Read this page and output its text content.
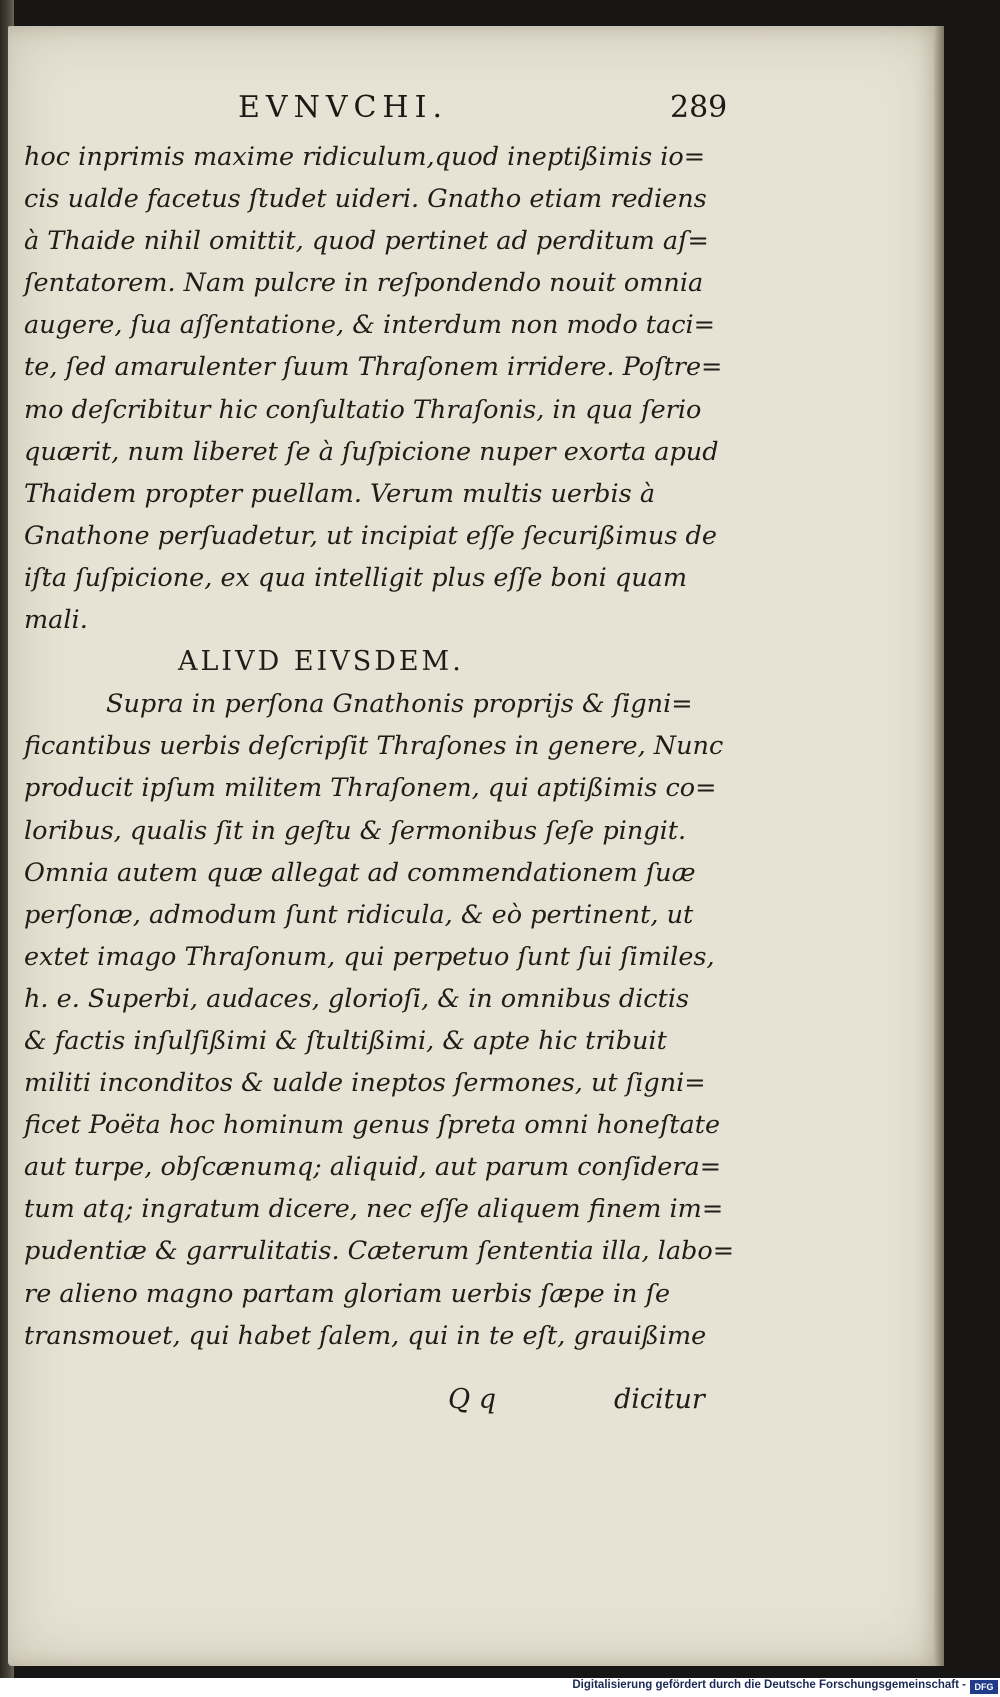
EVNVCHI.	289
hoc inprimis maxime ridiculum,quod ineptißimis io=
cis ualde facetus ſtudet uideri. Gnatho etiam rediens
à Thaide nihil omittit, quod pertinet ad perditum aſ=
ſentatorem. Nam pulcre in reſpondendo nouit omnia
augere, ſua aſſentatione, & interdum non modo taci=
te, ſed amarulenter ſuum Thraſonem irridere. Poſtre=
mo deſcribitur hic conſultatio Thraſonis, in qua ſerio
quærit, num liberet ſe à ſuſpicione nuper exorta apud
Thaidem propter puellam. Verum multis uerbis à
Gnathone perſuadetur, ut incipiat eſſe ſecurißimus de
iſta ſuſpicione, ex qua intelligit plus eſſe boni quam
mali.
ALIVD EIVSDEM.
Supra in perſona Gnathonis proprijs & ſigni=
ficantibus uerbis deſcripſit Thraſones in genere, Nunc
producit ipſum militem Thraſonem, qui aptißimis co=
loribus, qualis ſit in geſtu & ſermonibus ſeſe pingit.
Omnia autem quæ allegat ad commendationem ſuæ
perſonæ, admodum ſunt ridicula, & eò pertinent, ut
extet imago Thraſonum, qui perpetuo ſunt ſui ſimiles,
h. e. Superbi, audaces, glorioſi, & in omnibus dictis
& factis inſulſißimi & ſtultißimi, & apte hic tribuit
militi inconditos & ualde ineptos ſermones, ut ſigni=
ficet Poëta hoc hominum genus ſpreta omni honeſtate
aut turpe, obſcænumq; aliquid, aut parum conſidera=
tum atq; ingratum dicere, nec eſſe aliquem finem im=
pudentiæ & garrulitatis. Cæterum ſententia illa, labo=
re alieno magno partam gloriam uerbis ſæpe in ſe
transmouet, qui habet ſalem, qui in te eſt, grauißime
Q q	dicitur
Digitalisierung gefördert durch die Deutsche Forschungsgemeinschaft - DFG
